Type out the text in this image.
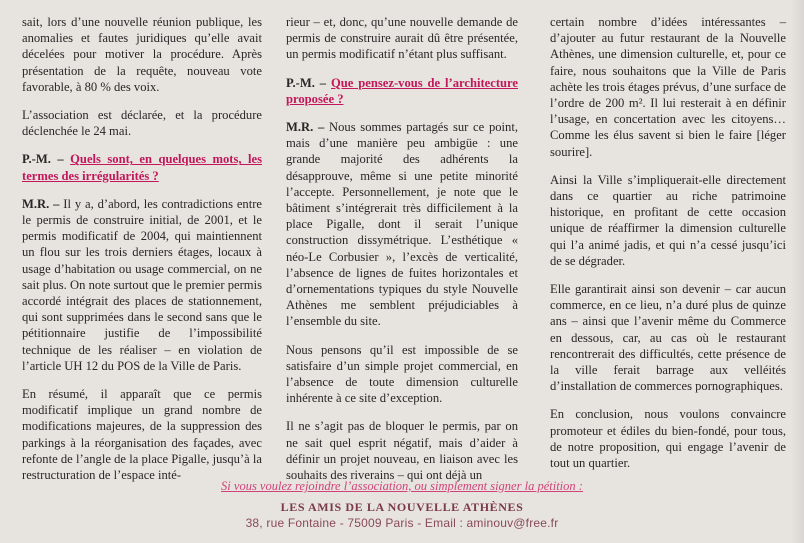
sait, lors d’une nouvelle réunion publique, les anomalies et fautes juridiques qu’elle avait décelées pour motiver la procédure. Après présentation de la requête, nouveau vote favorable, à 80 % des voix.

L’association est déclarée, et la procédure déclenchée le 24 mai.

P.-M. – Quels sont, en quelques mots, les termes des irrégularités ?

M.R. – Il y a, d’abord, les contradictions entre le permis de construire initial, de 2001, et le permis modificatif de 2004, qui maintiennent un flou sur les trois derniers étages, locaux à usage d’habitation ou usage commercial, on ne sait plus. On note surtout que le premier permis accordé intégrait des places de stationnement, qui sont supprimées dans le second sans que le pétitionnaire justifie de l’impossibilité technique de les réaliser – en violation de l’article UH 12 du POS de la Ville de Paris.

En résumé, il apparaît que ce permis modificatif implique un grand nombre de modifications majeures, de la suppression des parkings à la réorganisation des façades, avec refonte de l’angle de la place Pigalle, jusqu’à la restructuration de l’espace inté-

rieur – et, donc, qu’une nouvelle demande de permis de construire aurait dû être présentée, un permis modificatif n’étant plus suffisant.

P.-M. – Que pensez-vous de l’architecture proposée ?

M.R. – Nous sommes partagés sur ce point, mais d’une manière peu ambigüe : une grande majorité des adhérents la désapprouve, même si une petite minorité l’accepte. Personnellement, je note que le bâtiment s’intégrerait très difficilement à la place Pigalle, dont il serait l’unique construction dissymétrique. L’esthétique « néo-Le Corbusier », l’excès de verticalité, l’absence de lignes de fuites horizontales et d’ornementations typiques du style Nouvelle Athènes me semblent préjudiciables à l’ensemble du site.

Nous pensons qu’il est impossible de se satisfaire d’un simple projet commercial, en l’absence de toute dimension culturelle inhérente à ce site d’exception.

Il ne s’agit pas de bloquer le permis, par on ne sait quel esprit négatif, mais d’aider à définir un projet nouveau, en liaison avec les souhaits des riverains – qui ont déjà un

certain nombre d’idées intéressantes – d’ajouter au futur restaurant de la Nouvelle Athènes, une dimension culturelle, et, pour ce faire, nous souhaitons que la Ville de Paris achète les trois étages prévus, d’une surface de l’ordre de 200 m². Il lui resterait à en définir l’usage, en concertation avec les citoyens… Comme les élus savent si bien le faire [léger sourire].

Ainsi la Ville s’impliquerait-elle directement dans ce quartier au riche patrimoine historique, en profitant de cette occasion unique de réaffirmer la dimension culturelle qui l’a animé jadis, et qui n’a cessé jusqu’ici de se dégrader.

Elle garantirait ainsi son devenir – car aucun commerce, en ce lieu, n’a duré plus de quinze ans – ainsi que l’avenir même du Commerce en dessous, car, au cas où le restaurant rencontrerait des difficultés, cette présence de la ville ferait barrage aux velléités d’installation de commerces pornographiques.

En conclusion, nous voulons convaincre promoteur et édiles du bien-fondé, pour tous, de notre proposition, qui engage l’avenir de tout un quartier.

Si vous voulez rejoindre l’association, ou simplement signer la pétition :
LES AMIS DE LA NOUVELLE ATHÈNES
38, rue Fontaine - 75009 Paris - Email : aminouv@free.fr
